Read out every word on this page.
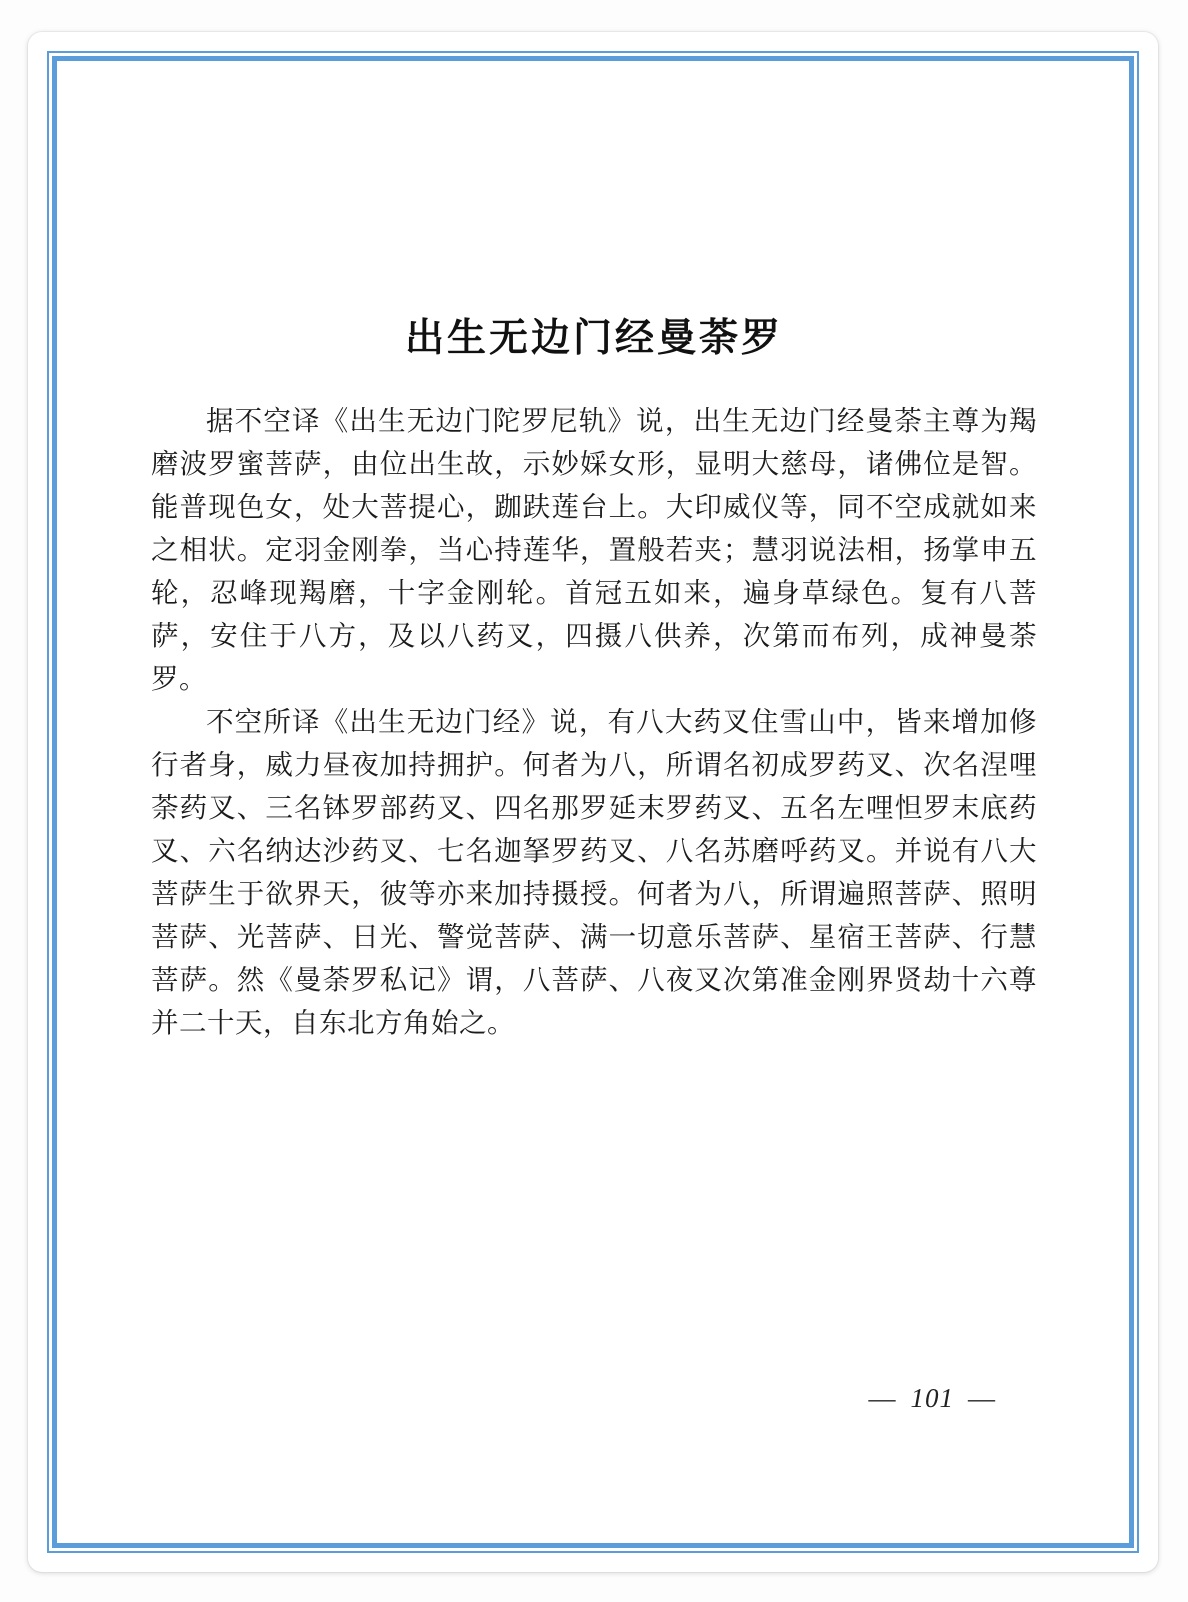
出生无边门经曼荼罗

据不空译《出生无边门陀罗尼轨》说，出生无边门经曼荼主尊为羯磨波罗蜜菩萨，由位出生故，示妙婇女形，显明大慈母，诸佛位是智。能普现色女，处大菩提心，跏趺莲台上。大印威仪等，同不空成就如来之相状。定羽金刚拳，当心持莲华，置般若夹；慧羽说法相，扬掌申五轮，忍峰现羯磨，十字金刚轮。首冠五如来，遍身草绿色。复有八菩萨，安住于八方，及以八药叉，四摄八供养，次第而布列，成神曼荼罗。

不空所译《出生无边门经》说，有八大药叉住雪山中，皆来增加修行者身，威力昼夜加持拥护。何者为八，所谓名初成罗药叉、次名涅哩荼药叉、三名钵罗部药叉、四名那罗延末罗药叉、五名左哩怛罗末底药叉、六名纳达沙药叉、七名迦拏罗药叉、八名苏磨呼药叉。并说有八大菩萨生于欲界天，彼等亦来加持摄授。何者为八，所谓遍照菩萨、照明菩萨、光菩萨、日光、警觉菩萨、满一切意乐菩萨、星宿王菩萨、行慧菩萨。然《曼荼罗私记》谓，八菩萨、八夜叉次第准金刚界贤劫十六尊并二十天，自东北方角始之。

— 101 —
